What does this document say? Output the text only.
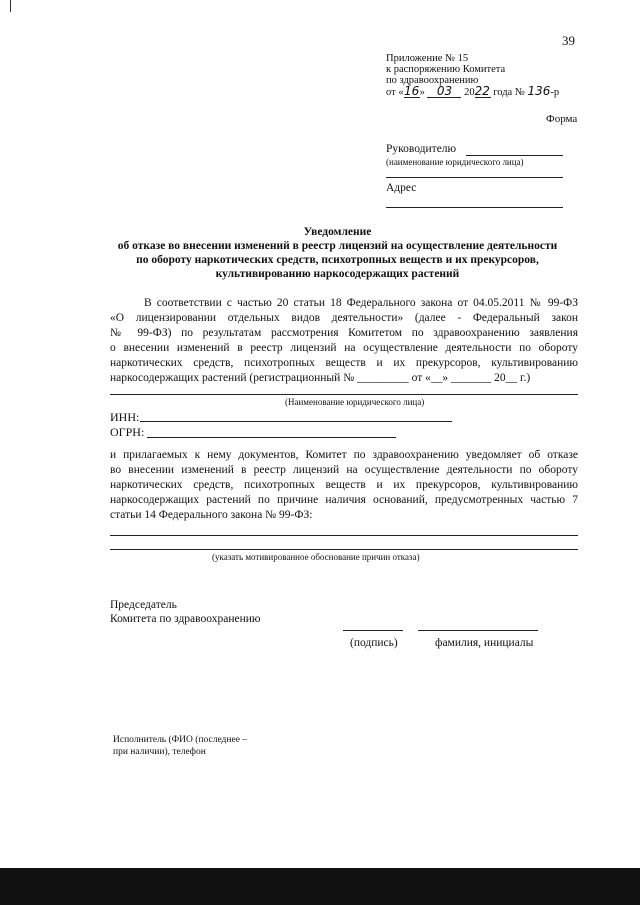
39
Приложение № 15
к распоряжению Комитета
по здравоохранению
от «16» 03 2022 года № 136-р
Форма
Руководителю
(наименование юридического лица)
Адрес
Уведомление
об отказе во внесении изменений в реестр лицензий на осуществление деятельности
по обороту наркотических средств, психотропных веществ и их прекурсоров,
культивированию наркосодержащих растений
В соответствии с частью 20 статьи 18 Федерального закона от 04.05.2011 № 99-ФЗ
«О лицензировании отдельных видов деятельности» (далее - Федеральный закон
№ 99-ФЗ) по результатам рассмотрения Комитетом по здравоохранению заявления
о внесении изменений в реестр лицензий на осуществление деятельности по обороту
наркотических средств, психотропных веществ и их прекурсоров, культивированию
наркосодержащих растений (регистрационный № _________ от «__» _______ 20__ г.)
(Наименование юридического лица)
ИНН:
ОГРН:
и прилагаемых к нему документов, Комитет по здравоохранению уведомляет об отказе
во внесении изменений в реестр лицензий на осуществление деятельности по обороту
наркотических средств, психотропных веществ и их прекурсоров, культивированию
наркосодержащих растений по причине наличия оснований, предусмотренных частью 7
статьи 14 Федерального закона № 99-ФЗ:
(указать мотивированное обоснование причин отказа)
Председатель
Комитета по здравоохранению
(подпись)	фамилия, инициалы
Исполнитель (ФИО (последнее –
при наличии), телефон
